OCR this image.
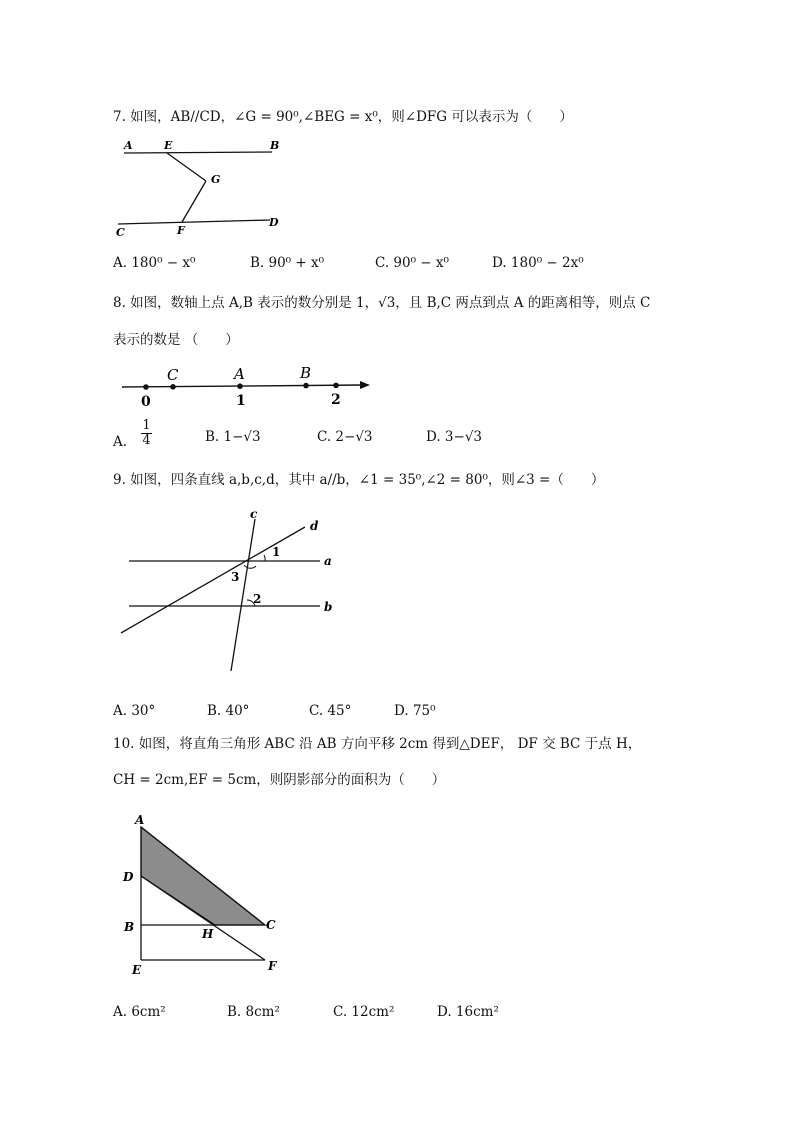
7. 如图，AB//CD，∠G = 90⁰,∠BEG = x⁰，则∠DFG 可以表示为（　　）
A	E	B
G
C	F
D
A. 180⁰ − x⁰	B. 90⁰ + x⁰	C. 90⁰ − x⁰	D. 180⁰ − 2x⁰
8. 如图，数轴上点 A,B 表示的数分别是 1，√3，且 B,C 两点到点 A 的距离相等，则点 C
表示的数是 （　　）
C	A	B
0	1	2
A. $\frac{1}{4}$	B. 1−√3	C. 2−√3	D. 3−√3
9. 如图，四条直线 a,b,c,d，其中 a//b，∠1 = 35⁰,∠2 = 80⁰，则∠3 =（　　）
c
d
a
b
1
2
3
A. 30°	B. 40°	C. 45°	D. 75⁰
10. 如图，将直角三角形 ABC 沿 AB 方向平移 2cm 得到△DEF， DF 交 BC 于点 H，
CH = 2cm,EF = 5cm，则阴影部分的面积为（　　）
A
D
B	H
C
E	F
A. 6cm²	B. 8cm²	C. 12cm²	D. 16cm²
